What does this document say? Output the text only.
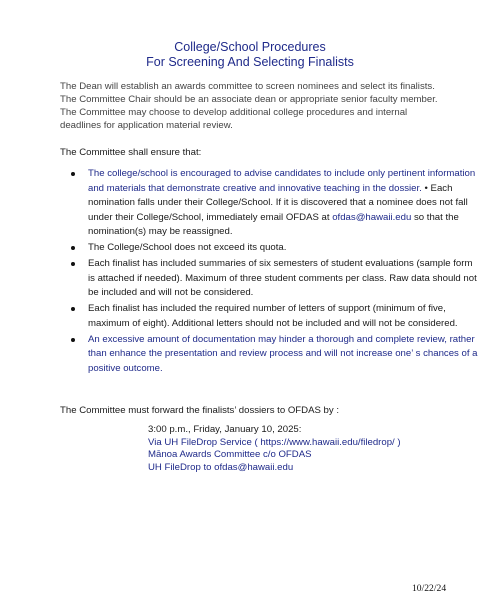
College/School Procedures
For Screening And Selecting Finalists

The Dean will establish an awards committee to screen nominees and select its finalists. The Committee Chair should be an associate dean or appropriate senior faculty member. The Committee may choose to develop additional college procedures and internal deadlines for application material review.

The Committee shall ensure that:
The college/school is encouraged to advise candidates to include only pertinent information and materials that demonstrate creative and innovative teaching in the dossier. • Each nomination falls under their College/School. If it is discovered that a nominee does not fall under their College/School, immediately email OFDAS at ofdas@hawaii.edu so that the nomination(s) may be reassigned.
The College/School does not exceed its quota.
Each finalist has included summaries of six semesters of student evaluations (sample form is attached if needed). Maximum of three student comments per class. Raw data should not be included and will not be considered.
Each finalist has included the required number of letters of support (minimum of five, maximum of eight). Additional letters should not be included and will not be considered.
An excessive amount of documentation may hinder a thorough and complete review, rather than enhance the presentation and review process and will not increase one’ s chances of a positive outcome.
The Committee must forward the finalists’ dossiers to OFDAS by :
3:00 p.m., Friday, January 10, 2025:
Via UH FileDrop Service ( https://www.hawaii.edu/filedrop/ )
Mānoa Awards Committee c/o OFDAS
UH FileDrop to ofdas@hawaii.edu
10/22/24
